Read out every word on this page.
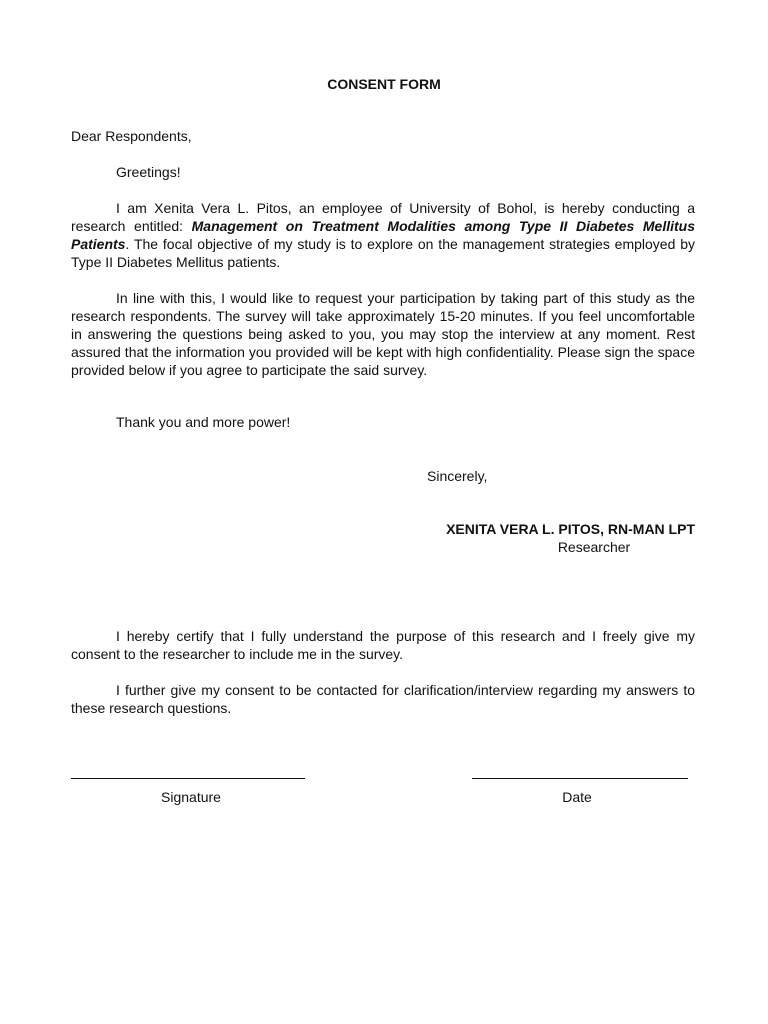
CONSENT FORM
Dear Respondents,
Greetings!
I am Xenita Vera L. Pitos, an employee of University of Bohol, is hereby conducting a research entitled: Management on Treatment Modalities among Type II Diabetes Mellitus Patients. The focal objective of my study is to explore on the management strategies employed by Type II Diabetes Mellitus patients.
In line with this, I would like to request your participation by taking part of this study as the research respondents. The survey will take approximately 15-20 minutes. If you feel uncomfortable in answering the questions being asked to you, you may stop the interview at any moment. Rest assured that the information you provided will be kept with high confidentiality. Please sign the space provided below if you agree to participate the said survey.
Thank you and more power!
Sincerely,
XENITA VERA L. PITOS, RN-MAN LPT
Researcher
I hereby certify that I fully understand the purpose of this research and I freely give my consent to the researcher to include me in the survey.
I further give my consent to be contacted for clarification/interview regarding my answers to these research questions.
Signature	Date
